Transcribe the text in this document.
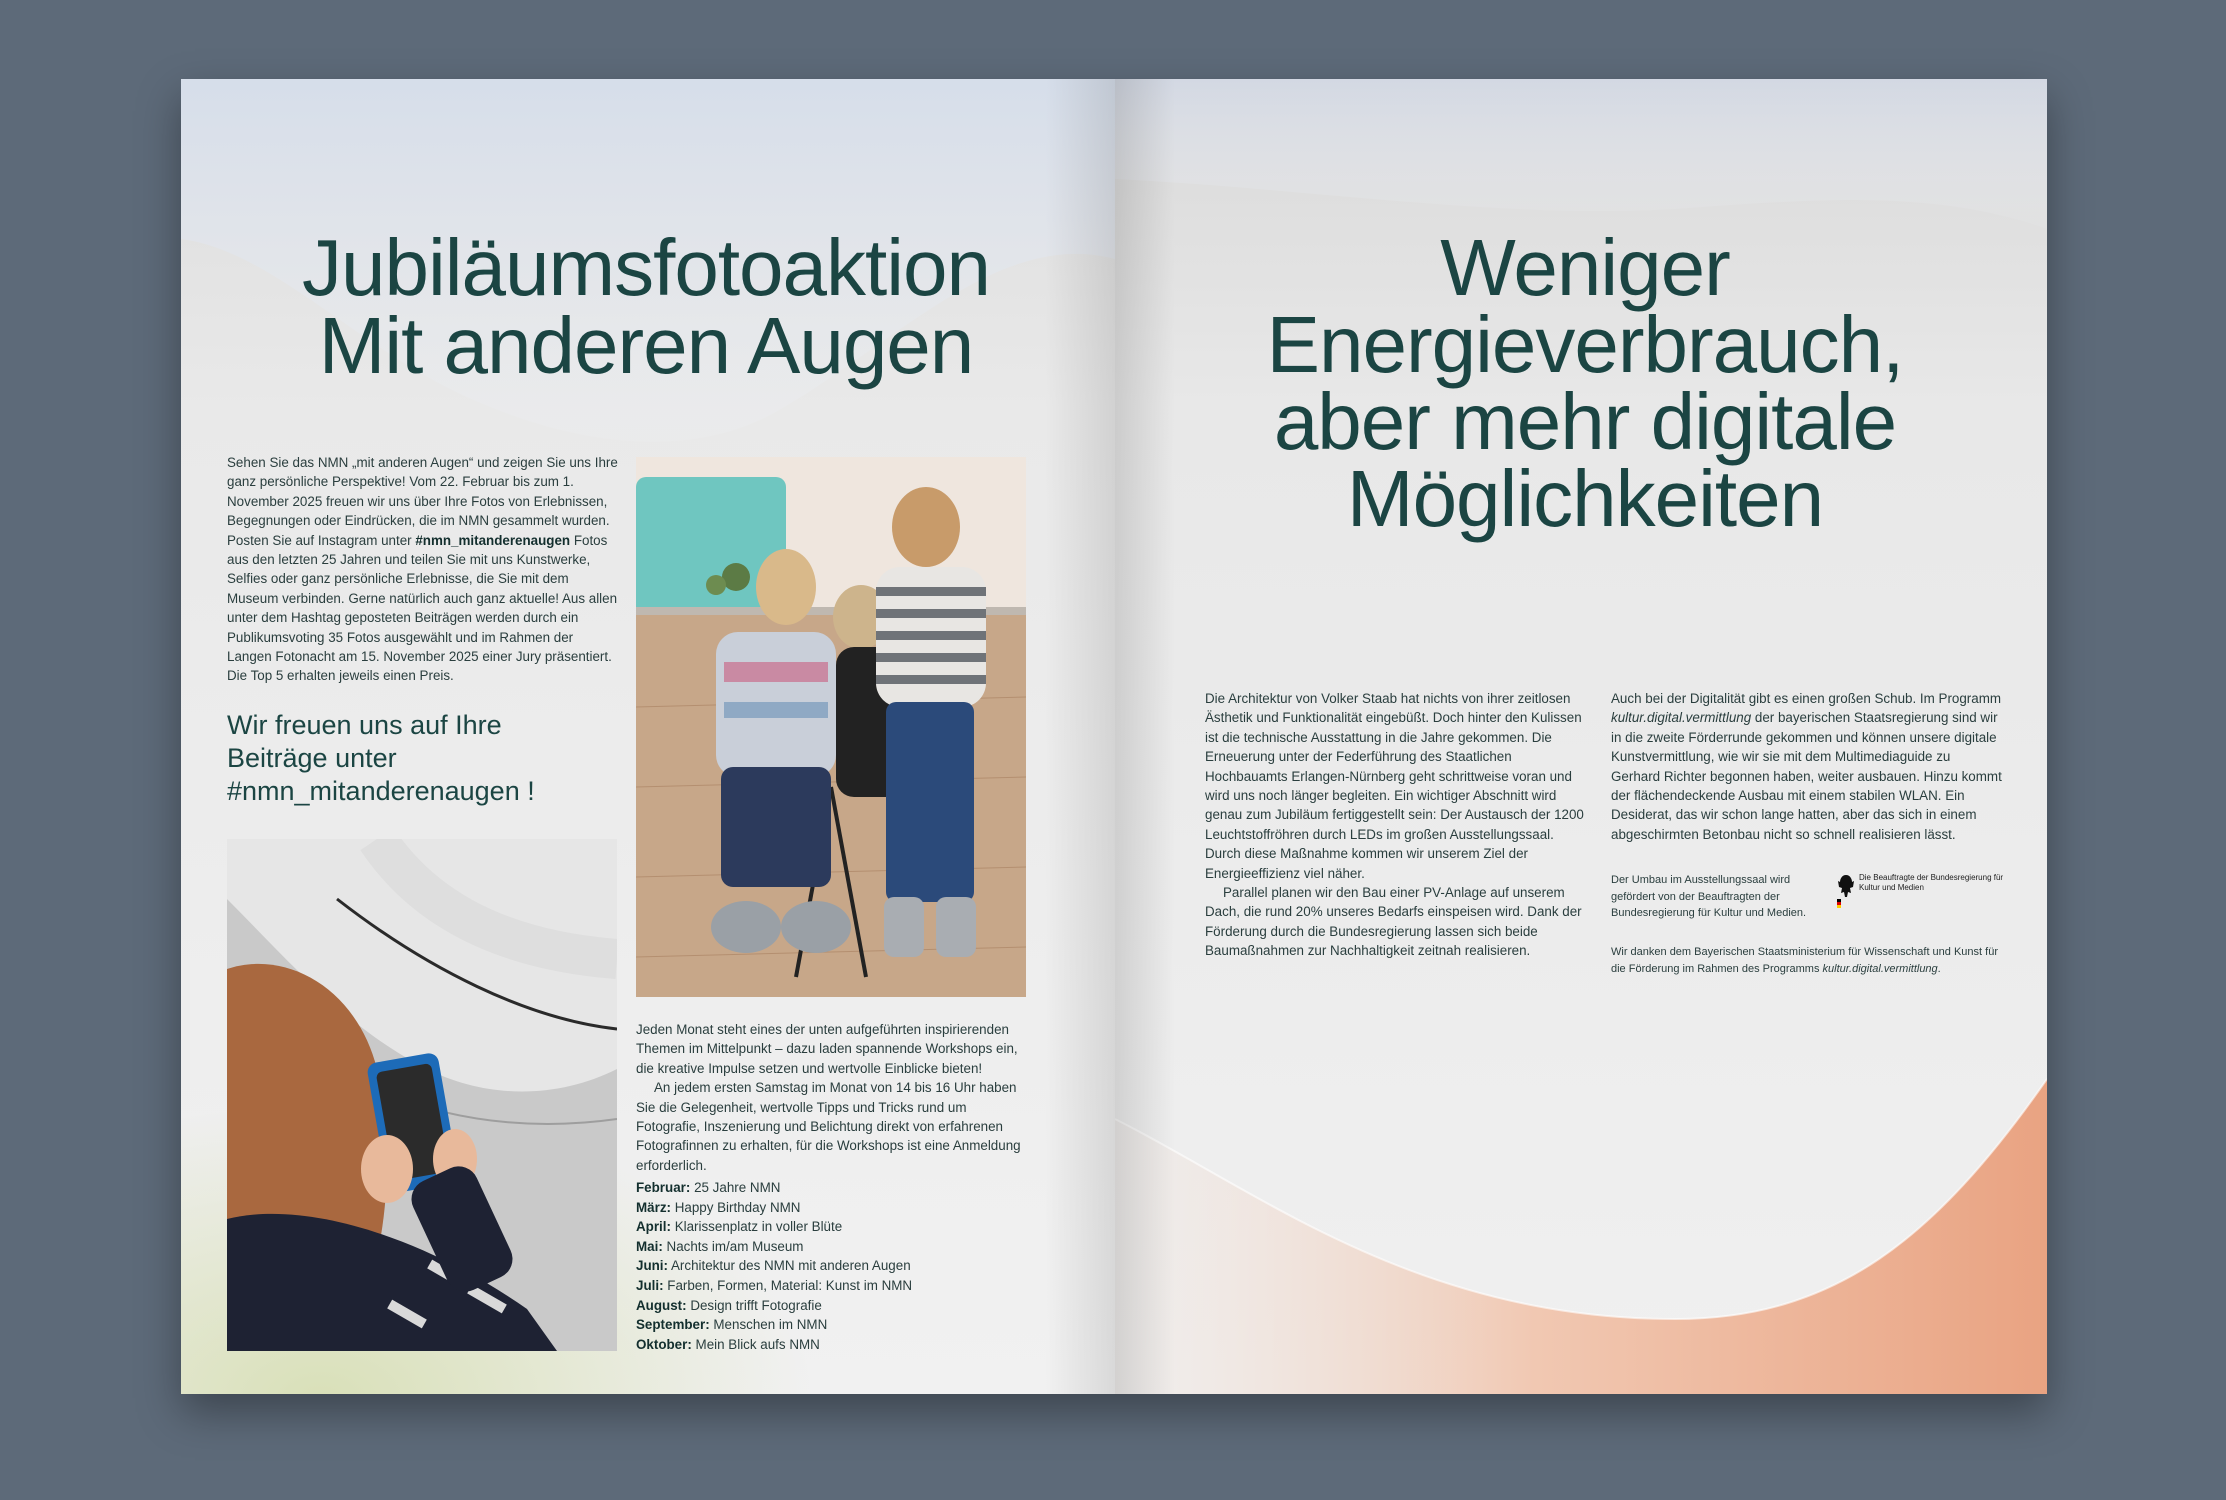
Jubiläumsfotoaktion
Mit anderen Augen

Sehen Sie das NMN „mit anderen Augen“ und zeigen Sie uns Ihre ganz persönliche Perspektive! Vom 22. Februar bis zum 1. November 2025 freuen wir uns über Ihre Fotos von Erlebnissen, Begegnungen oder Eindrücken, die im NMN gesammelt wurden. Posten Sie auf Instagram unter #nmn_mitanderenaugen Fotos aus den letzten 25 Jahren und teilen Sie mit uns Kunstwerke, Selfies oder ganz persönliche Erlebnisse, die Sie mit dem Museum verbinden. Gerne natürlich auch ganz aktuelle! Aus allen unter dem Hashtag geposteten Beiträgen werden durch ein Publikumsvoting 35 Fotos ausgewählt und im Rahmen der Langen Fotonacht am 15. November 2025 einer Jury präsentiert. Die Top 5 erhalten jeweils einen Preis.

Wir freuen uns auf Ihre
Beiträge unter
#nmn_mitanderenaugen !

Jeden Monat steht eines der unten aufgeführten inspirierenden Themen im Mittelpunkt – dazu laden spannende Workshops ein, die kreative Impulse setzen und wertvolle Einblicke bieten!

An jedem ersten Samstag im Monat von 14 bis 16 Uhr haben Sie die Gelegenheit, wertvolle Tipps und Tricks rund um Fotografie, Inszenierung und Belichtung direkt von erfahrenen Fotografinnen zu erhalten, für die Workshops ist eine Anmeldung erforderlich.

Februar: 25 Jahre NMN
März: Happy Birthday NMN
April: Klarissenplatz in voller Blüte
Mai: Nachts im/am Museum
Juni: Architektur des NMN mit anderen Augen
Juli: Farben, Formen, Material: Kunst im NMN
August: Design trifft Fotografie
September: Menschen im NMN
Oktober: Mein Blick aufs NMN
Weniger
Energieverbrauch,
aber mehr digitale
Möglichkeiten

Die Architektur von Volker Staab hat nichts von ihrer zeitlosen Ästhetik und Funktionalität eingebüßt. Doch hinter den Kulissen ist die technische Ausstattung in die Jahre gekommen. Die Erneuerung unter der Federführung des Staatlichen Hochbauamts Erlangen-Nürnberg geht schrittweise voran und wird uns noch länger begleiten. Ein wichtiger Abschnitt wird genau zum Jubiläum fertiggestellt sein: Der Austausch der 1200 Leuchtstoffröhren durch LEDs im großen Ausstellungssaal. Durch diese Maßnahme kommen wir unserem Ziel der Energieeffizienz viel näher.

Parallel planen wir den Bau einer PV-Anlage auf unserem Dach, die rund 20% unseres Bedarfs einspeisen wird. Dank der Förderung durch die Bundesregierung lassen sich beide Baumaßnahmen zur Nachhaltigkeit zeitnah realisieren.

Auch bei der Digitalität gibt es einen großen Schub. Im Programm kultur.digital.vermittlung der bayerischen Staatsregierung sind wir in die zweite Förderrunde gekommen und können unsere digitale Kunstvermittlung, wie wir sie mit dem Multimediaguide zu Gerhard Richter begonnen haben, weiter ausbauen. Hinzu kommt der flächendeckende Ausbau mit einem stabilen WLAN. Ein Desiderat, das wir schon lange hatten, aber das sich in einem abgeschirmten Betonbau nicht so schnell realisieren lässt.

Der Umbau im Ausstellungssaal wird gefördert von der Beauftragten der Bundesregierung für Kultur und Medien.

Die Beauftragte der Bundesregierung für Kultur und Medien

Wir danken dem Bayerischen Staatsministerium für Wissenschaft und Kunst für die Förderung im Rahmen des Programms kultur.digital.vermittlung.
